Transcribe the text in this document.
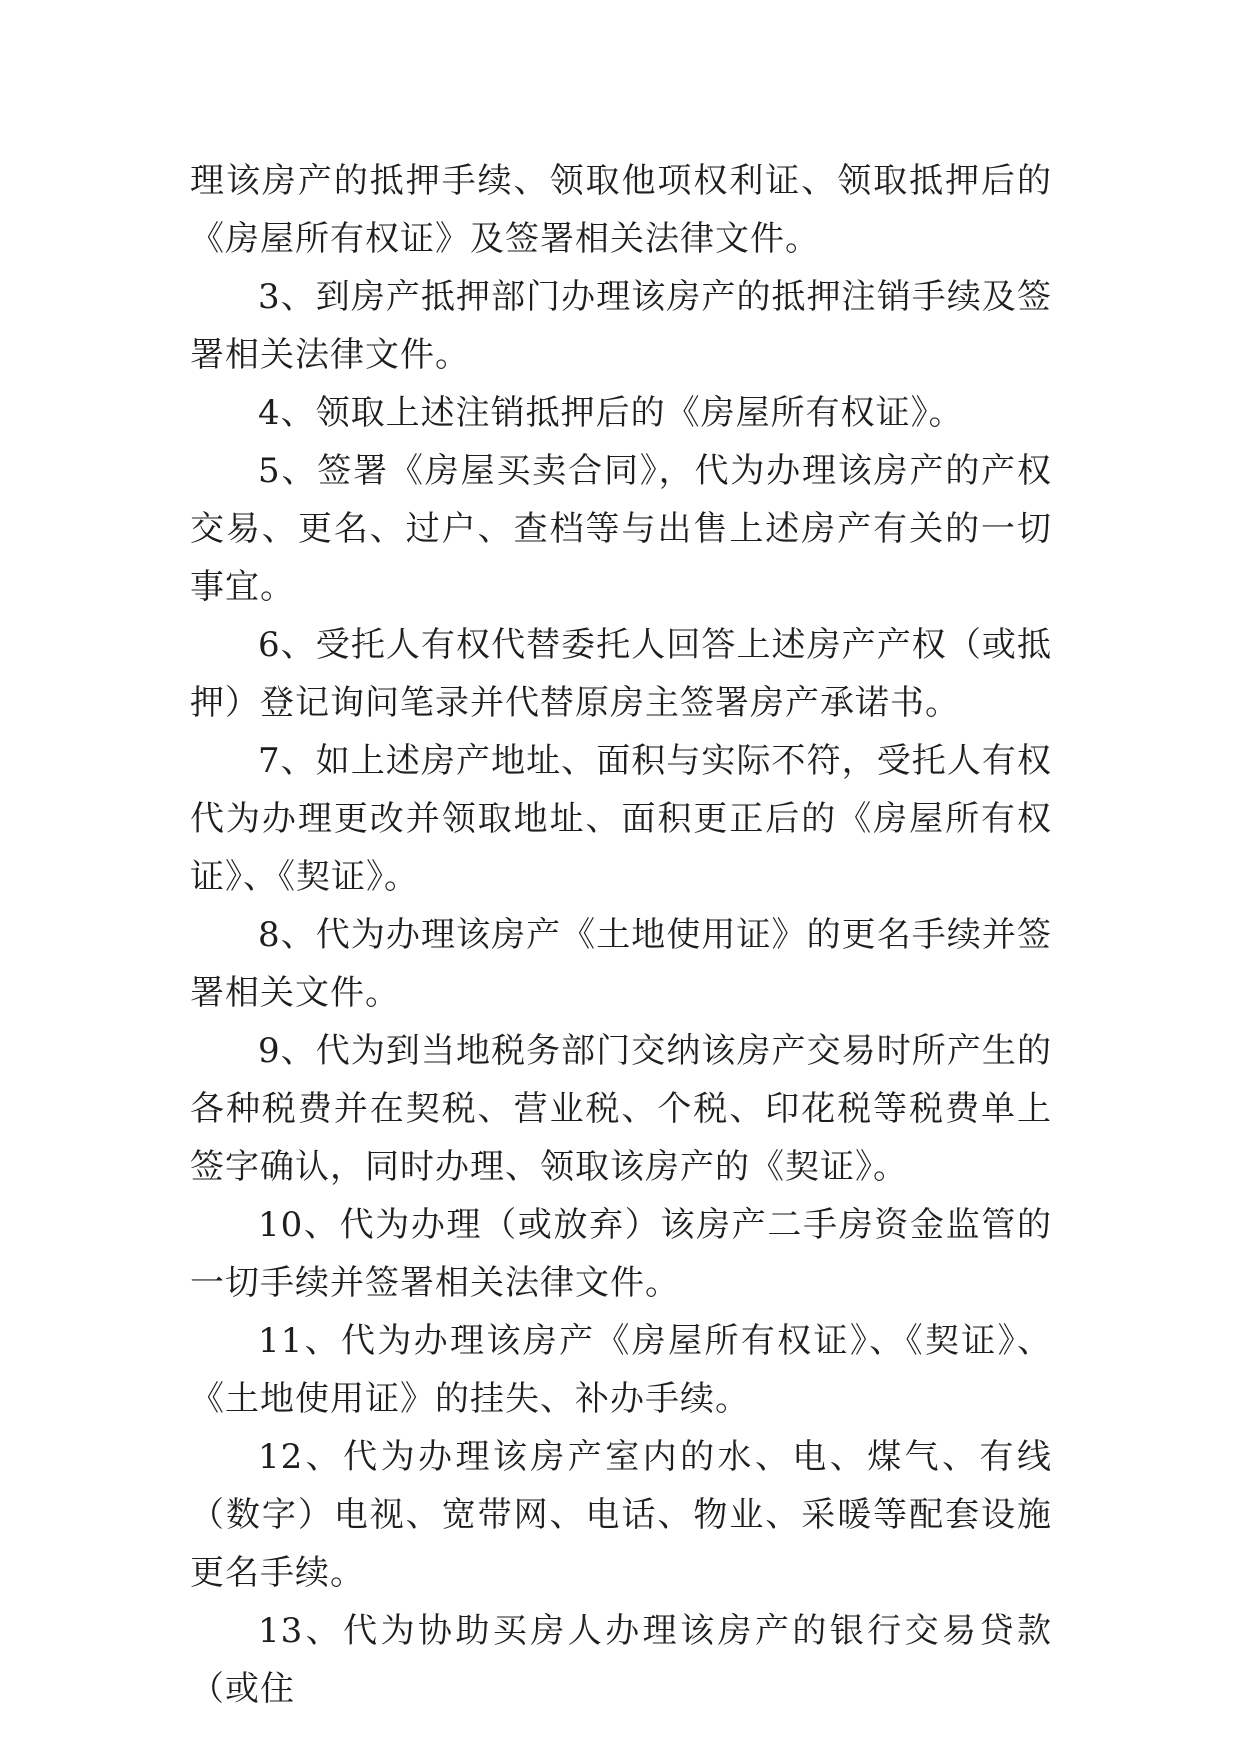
理该房产的抵押手续、领取他项权利证、领取抵押后的《房屋所有权证》及签署相关法律文件。

3、到房产抵押部门办理该房产的抵押注销手续及签署相关法律文件。

4、领取上述注销抵押后的《房屋所有权证》。

5、签署《房屋买卖合同》，代为办理该房产的产权交易、更名、过户、查档等与出售上述房产有关的一切事宜。

6、受托人有权代替委托人回答上述房产产权（或抵押）登记询问笔录并代替原房主签署房产承诺书。

7、如上述房产地址、面积与实际不符，受托人有权代为办理更改并领取地址、面积更正后的《房屋所有权证》、《契证》。

8、代为办理该房产《土地使用证》的更名手续并签署相关文件。

9、代为到当地税务部门交纳该房产交易时所产生的各种税费并在契税、营业税、个税、印花税等税费单上签字确认，同时办理、领取该房产的《契证》。

10、代为办理（或放弃）该房产二手房资金监管的一切手续并签署相关法律文件。

11、代为办理该房产《房屋所有权证》、《契证》、《土地使用证》的挂失、补办手续。

12、代为办理该房产室内的水、电、煤气、有线（数字）电视、宽带网、电话、物业、采暖等配套设施更名手续。

13、代为协助买房人办理该房产的银行交易贷款（或住
